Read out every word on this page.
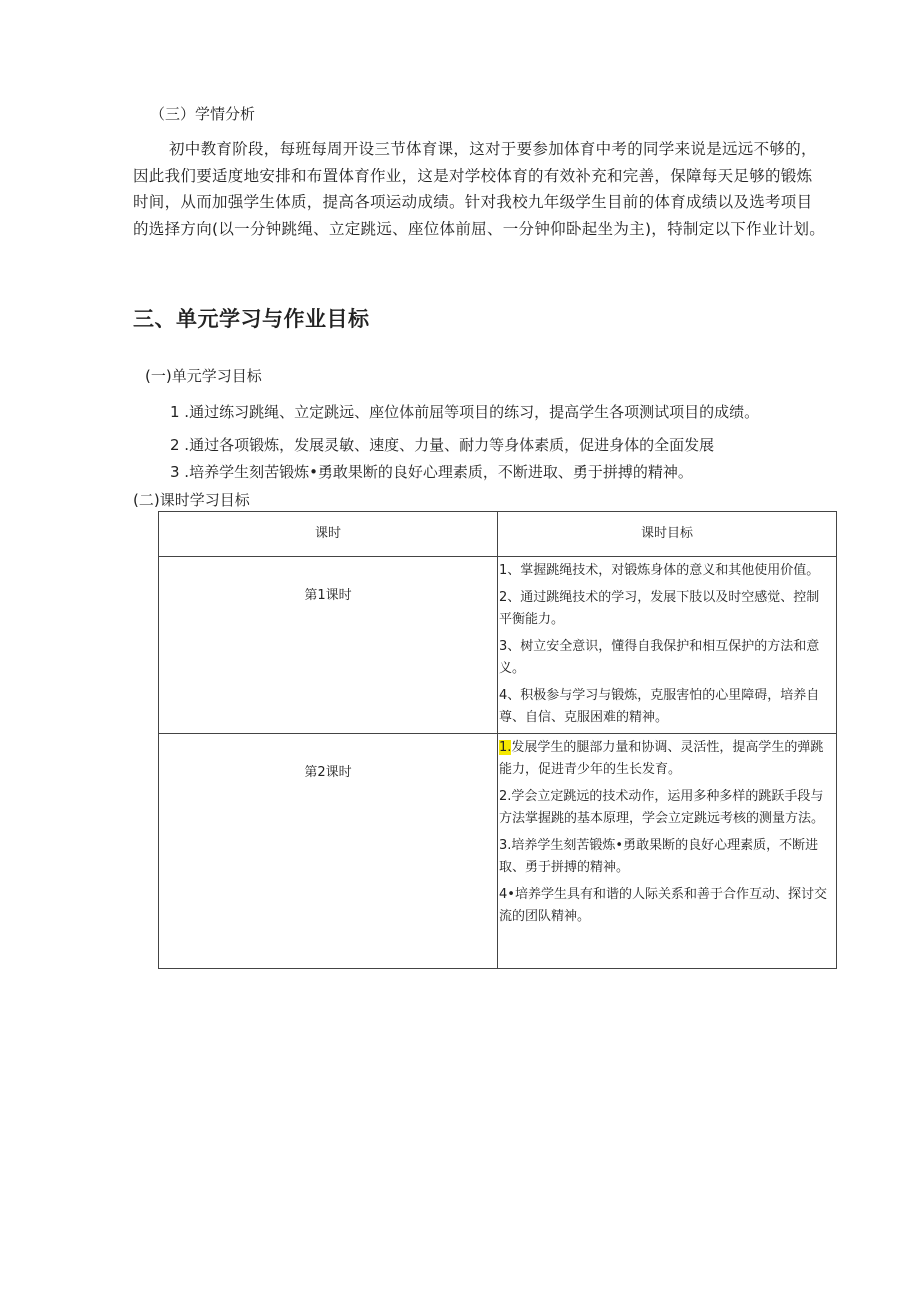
（三）学情分析
初中教育阶段，每班每周开设三节体育课，这对于要参加体育中考的同学来说是远远不够的，
因此我们要适度地安排和布置体育作业，这是对学校体育的有效补充和完善，保障每天足够的锻炼
时间，从而加强学生体质，提高各项运动成绩。针对我校九年级学生目前的体育成绩以及选考项目
的选择方向(以一分钟跳绳、立定跳远、座位体前屈、一分钟仰卧起坐为主)，特制定以下作业计划。
三、单元学习与作业目标
(一)单元学习目标
1 .通过练习跳绳、立定跳远、座位体前屈等项目的练习，提高学生各项测试项目的成绩。
2 .通过各项锻炼，发展灵敏、速度、力量、耐力等身体素质，促进身体的全面发展
3 .培养学生刻苦锻炼•勇敢果断的良好心理素质，不断进取、勇于拼搏的精神。
(二)课时学习目标
课时	课时目标

第1课时	1、掌握跳绳技术，对锻炼身体的意义和其他使用价值。
2、通过跳绳技术的学习，发展下肢以及时空感觉、控制平衡能力。
3、树立安全意识，懂得自我保护和相互保护的方法和意义。
4、积极参与学习与锻炼，克服害怕的心里障碍，培养自尊、自信、克服困难的精神。

第2课时	1.发展学生的腿部力量和协调、灵活性，提高学生的弹跳能力，促进青少年的生长发育。
2.学会立定跳远的技术动作，运用多种多样的跳跃手段与方法掌握跳的基本原理，学会立定跳远考核的测量方法。
3.培养学生刻苦锻炼•勇敢果断的良好心理素质，不断进取、勇于拼搏的精神。
4•培养学生具有和谐的人际关系和善于合作互动、探讨交流的团队精神。
